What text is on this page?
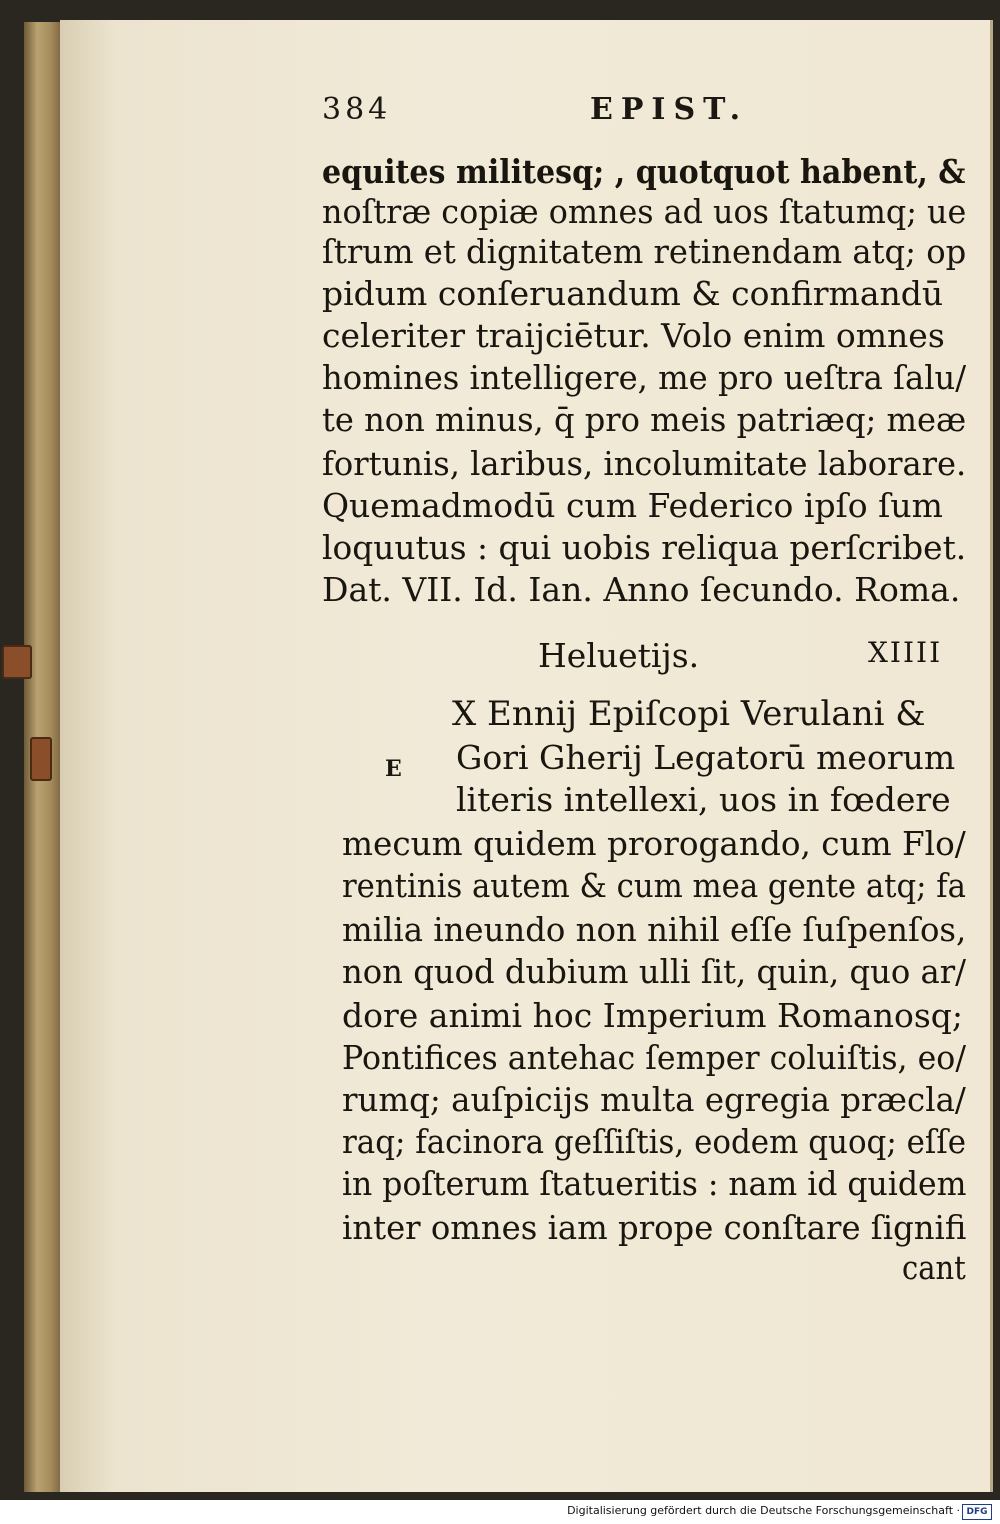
384	EPIST.
equites militesq; , quotquot habent, &
noſtræ copiæ omnes ad uos ſtatumq; ue
ſtrum et dignitatem retinendam atq; op
pidum conſeruandum & confirmandū
celeriter traijciētur. Volo enim omnes
homines intelligere, me pro ueſtra ſalu/
te non minus, q̄ pro meis patriæq; meæ
fortunis, laribus, incolumitate laborare.
Quemadmodū cum Federico ipſo ſum
loquutus : qui uobis reliqua perſcribet.
Dat. VII. Id. Ian. Anno ſecundo. Roma.
Heluetijs.	XIIII
E
X Ennij Epiſcopi Verulani &
Gori Gherij Legatorū meorum
literis intellexi, uos in fœdere
mecum quidem prorogando, cum Flo/
rentinis autem & cum mea gente atq; fa
milia ineundo non nihil eſſe ſuſpenſos,
non quod dubium ulli ſit, quin, quo ar/
dore animi hoc Imperium Romanosq;
Pontifices antehac ſemper coluiſtis, eo/
rumq; auſpicijs multa egregia præcla/
raq; facinora geſſiſtis, eodem quoq; eſſe
in poſterum ſtatueritis : nam id quidem
inter omnes iam prope conſtare ſignifi
cant
Digitalisierung gefördert durch die Deutsche Forschungsgemeinschaft · DFG
